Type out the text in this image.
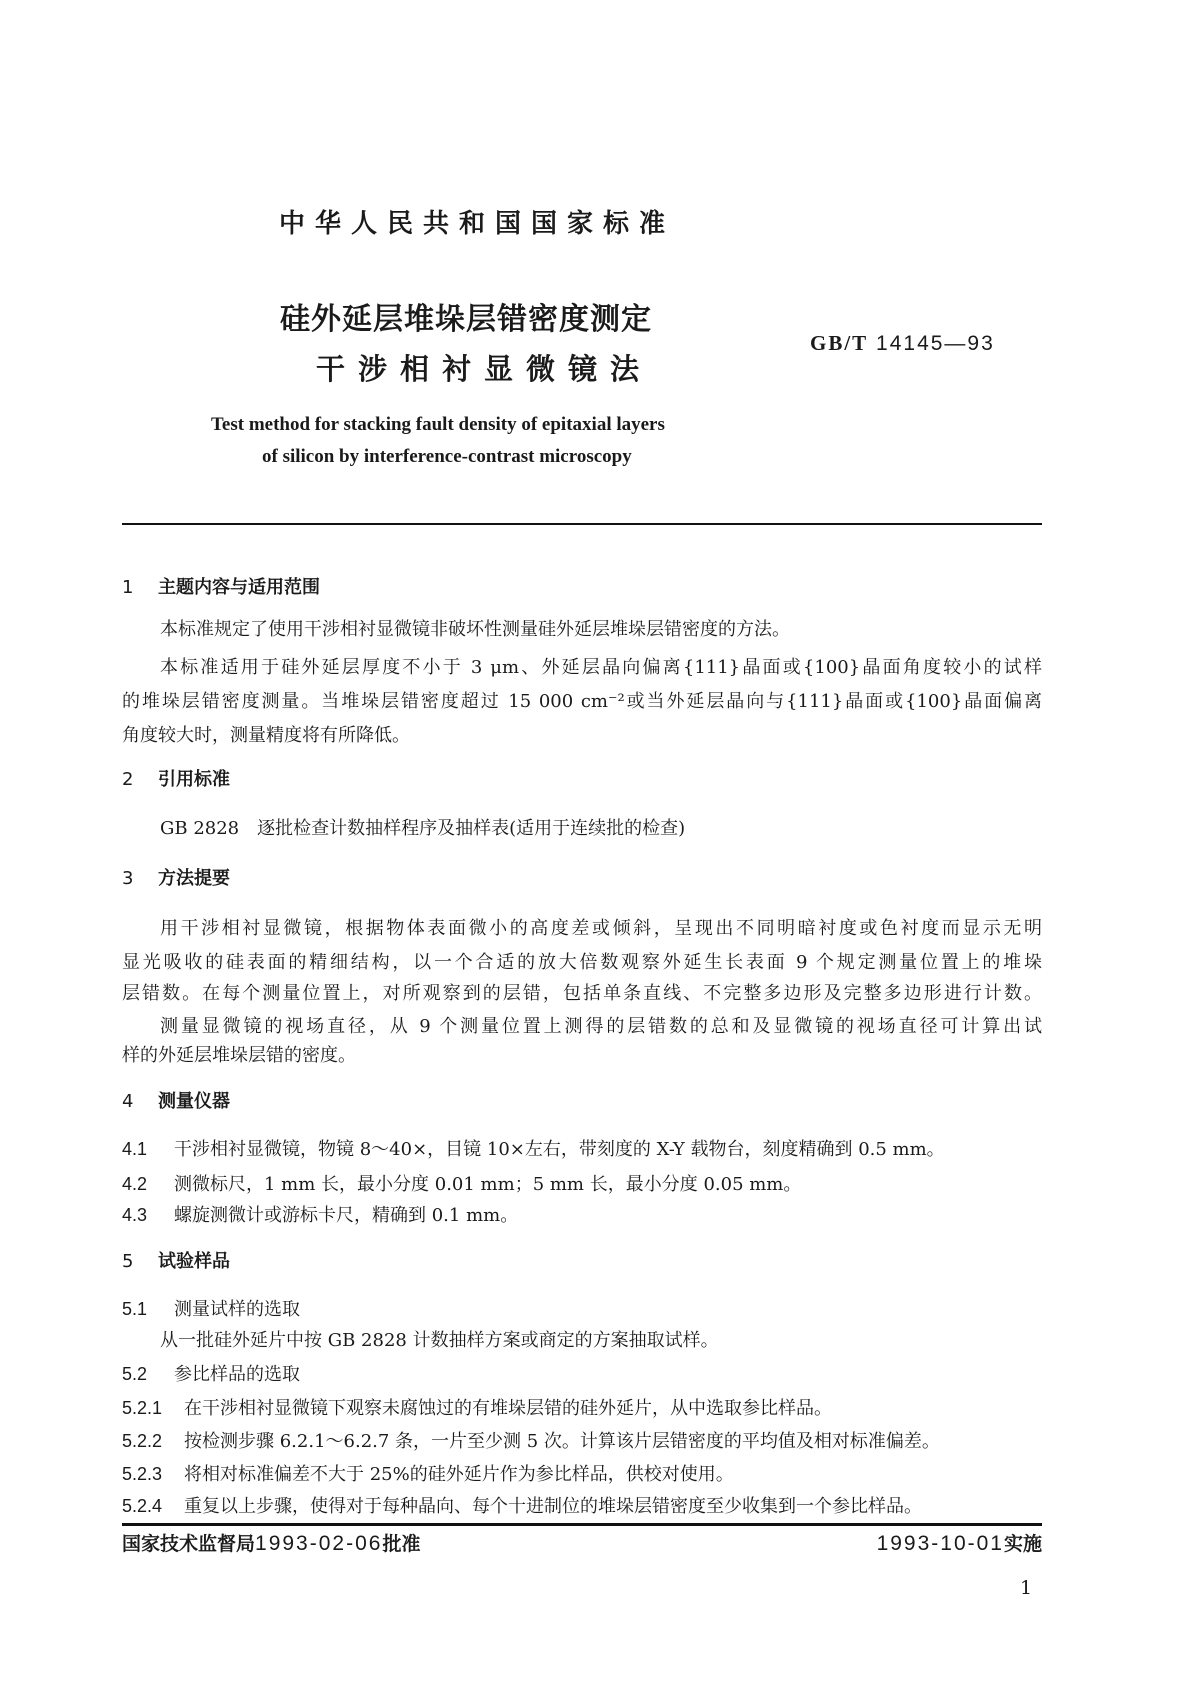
中华人民共和国国家标准
硅外延层堆垛层错密度测定
干涉相衬显微镜法
GB/T 14145—93
Test method for stacking fault density of epitaxial layers
of silicon by interference-contrast microscopy
1 主题内容与适用范围
本标准规定了使用干涉相衬显微镜非破坏性测量硅外延层堆垛层错密度的方法。
本标准适用于硅外延层厚度不小于 3 μm、外延层晶向偏离{111}晶面或{100}晶面角度较小的试样
的堆垛层错密度测量。当堆垛层错密度超过 15 000 cm⁻²或当外延层晶向与{111}晶面或{100}晶面偏离
角度较大时，测量精度将有所降低。
2 引用标准
GB 2828　逐批检查计数抽样程序及抽样表(适用于连续批的检查)
3 方法提要
用干涉相衬显微镜，根据物体表面微小的高度差或倾斜，呈现出不同明暗衬度或色衬度而显示无明
显光吸收的硅表面的精细结构，以一个合适的放大倍数观察外延生长表面 9 个规定测量位置上的堆垛
层错数。在每个测量位置上，对所观察到的层错，包括单条直线、不完整多边形及完整多边形进行计数。
测量显微镜的视场直径，从 9 个测量位置上测得的层错数的总和及显微镜的视场直径可计算出试
样的外延层堆垛层错的密度。
4 测量仪器
4.1 干涉相衬显微镜，物镜 8～40×，目镜 10×左右，带刻度的 X-Y 载物台，刻度精确到 0.5 mm。
4.2 测微标尺，1 mm 长，最小分度 0.01 mm；5 mm 长，最小分度 0.05 mm。
4.3 螺旋测微计或游标卡尺，精确到 0.1 mm。
5 试验样品
5.1 测量试样的选取
从一批硅外延片中按 GB 2828 计数抽样方案或商定的方案抽取试样。
5.2 参比样品的选取
5.2.1 在干涉相衬显微镜下观察未腐蚀过的有堆垛层错的硅外延片，从中选取参比样品。
5.2.2 按检测步骤 6.2.1～6.2.7 条，一片至少测 5 次。计算该片层错密度的平均值及相对标准偏差。
5.2.3 将相对标准偏差不大于 25%的硅外延片作为参比样品，供校对使用。
5.2.4 重复以上步骤，使得对于每种晶向、每个十进制位的堆垛层错密度至少收集到一个参比样品。
国家技术监督局1993-02-06批准	1993-10-01实施
1
